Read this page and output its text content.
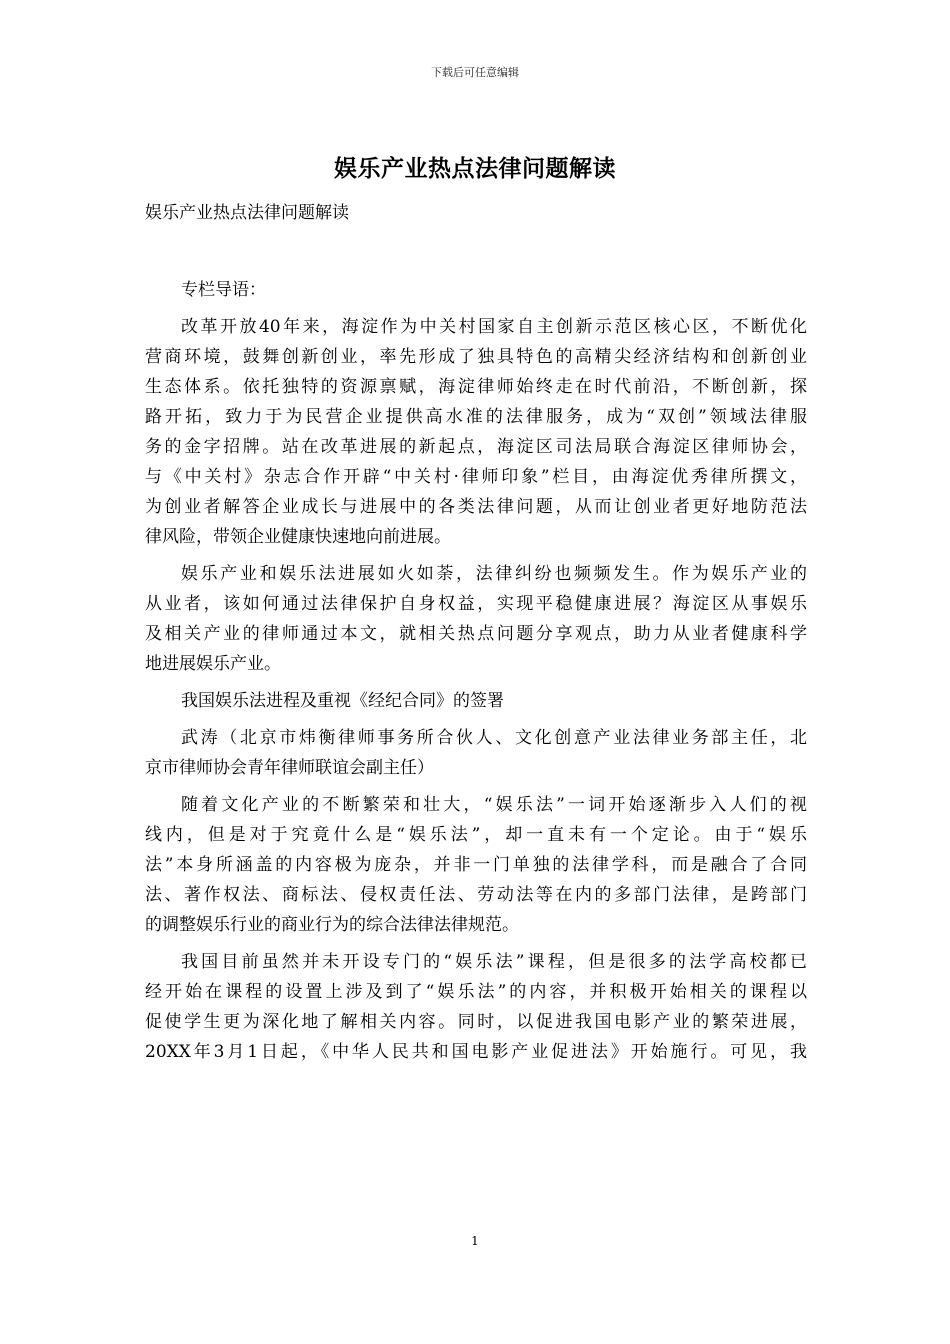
下载后可任意编辑
娱乐产业热点法律问题解读
娱乐产业热点法律问题解读
专栏导语：
改革开放40年来，海淀作为中关村国家自主创新示范区核心区，不断优化
营商环境，鼓舞创新创业，率先形成了独具特色的高精尖经济结构和创新创业
生态体系。依托独特的资源禀赋，海淀律师始终走在时代前沿，不断创新，探
路开拓，致力于为民营企业提供高水准的法律服务，成为“双创”领域法律服
务的金字招牌。站在改革进展的新起点，海淀区司法局联合海淀区律师协会，
与《中关村》杂志合作开辟“中关村·律师印象”栏目，由海淀优秀律所撰文，
为创业者解答企业成长与进展中的各类法律问题，从而让创业者更好地防范法
律风险，带领企业健康快速地向前进展。
娱乐产业和娱乐法进展如火如荼，法律纠纷也频频发生。作为娱乐产业的
从业者，该如何通过法律保护自身权益，实现平稳健康进展？海淀区从事娱乐
及相关产业的律师通过本文，就相关热点问题分享观点，助力从业者健康科学
地进展娱乐产业。
我国娱乐法进程及重视《经纪合同》的签署
武涛（北京市炜衡律师事务所合伙人、文化创意产业法律业务部主任，北
京市律师协会青年律师联谊会副主任）
随着文化产业的不断繁荣和壮大，“娱乐法”一词开始逐渐步入人们的视
线内，但是对于究竟什么是“娱乐法”，却一直未有一个定论。由于“娱乐
法”本身所涵盖的内容极为庞杂，并非一门单独的法律学科，而是融合了合同
法、著作权法、商标法、侵权责任法、劳动法等在内的多部门法律，是跨部门
的调整娱乐行业的商业行为的综合法律法律规范。
我国目前虽然并未开设专门的“娱乐法”课程，但是很多的法学高校都已
经开始在课程的设置上涉及到了“娱乐法”的内容，并积极开始相关的课程以
促使学生更为深化地了解相关内容。同时，以促进我国电影产业的繁荣进展，
20XX年3月1日起，《中华人民共和国电影产业促进法》开始施行。可见，我
1
